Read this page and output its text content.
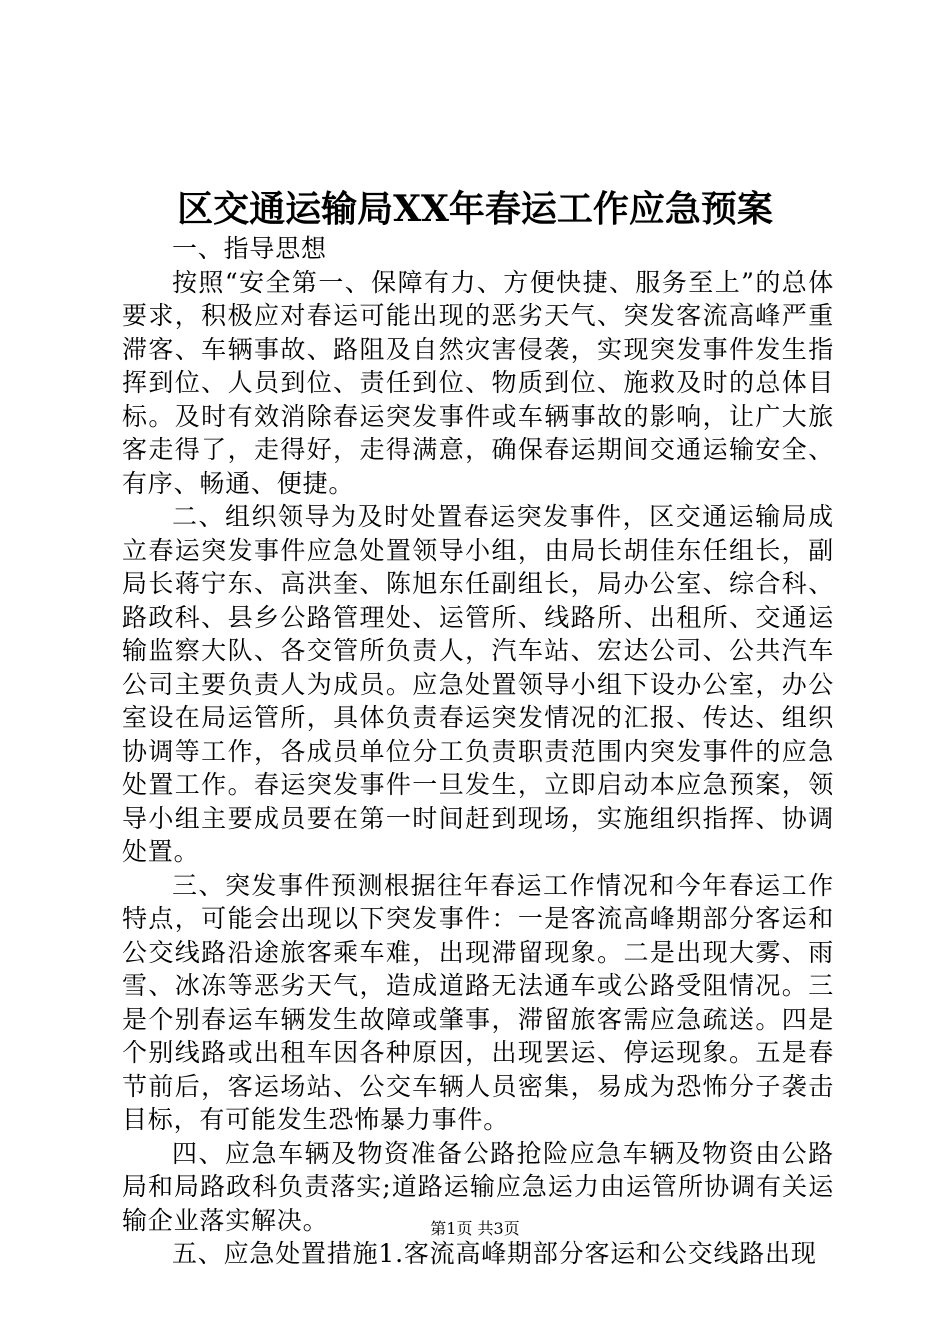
区交通运输局XX年春运工作应急预案

一、指导思想

按照“安全第一、保障有力、方便快捷、服务至上”的总体要求，积极应对春运可能出现的恶劣天气、突发客流高峰严重滞客、车辆事故、路阻及自然灾害侵袭，实现突发事件发生指挥到位、人员到位、责任到位、物质到位、施救及时的总体目标。及时有效消除春运突发事件或车辆事故的影响，让广大旅客走得了，走得好，走得满意，确保春运期间交通运输安全、有序、畅通、便捷。

二、组织领导为及时处置春运突发事件，区交通运输局成立春运突发事件应急处置领导小组，由局长胡佳东任组长，副局长蒋宁东、高洪奎、陈旭东任副组长，局办公室、综合科、路政科、县乡公路管理处、运管所、线路所、出租所、交通运输监察大队、各交管所负责人，汽车站、宏达公司、公共汽车公司主要负责人为成员。应急处置领导小组下设办公室，办公室设在局运管所，具体负责春运突发情况的汇报、传达、组织协调等工作，各成员单位分工负责职责范围内突发事件的应急处置工作。春运突发事件一旦发生，立即启动本应急预案，领导小组主要成员要在第一时间赶到现场，实施组织指挥、协调处置。

三、突发事件预测根据往年春运工作情况和今年春运工作特点，可能会出现以下突发事件：一是客流高峰期部分客运和公交线路沿途旅客乘车难，出现滞留现象。二是出现大雾、雨雪、冰冻等恶劣天气，造成道路无法通车或公路受阻情况。三是个别春运车辆发生故障或肇事，滞留旅客需应急疏送。四是个别线路或出租车因各种原因，出现罢运、停运现象。五是春节前后，客运场站、公交车辆人员密集，易成为恐怖分子袭击目标，有可能发生恐怖暴力事件。

四、应急车辆及物资准备公路抢险应急车辆及物资由公路局和局路政科负责落实;道路运输应急运力由运管所协调有关运输企业落实解决。

五、应急处置措施1.客流高峰期部分客运和公交线路出现

第1页 共3页
